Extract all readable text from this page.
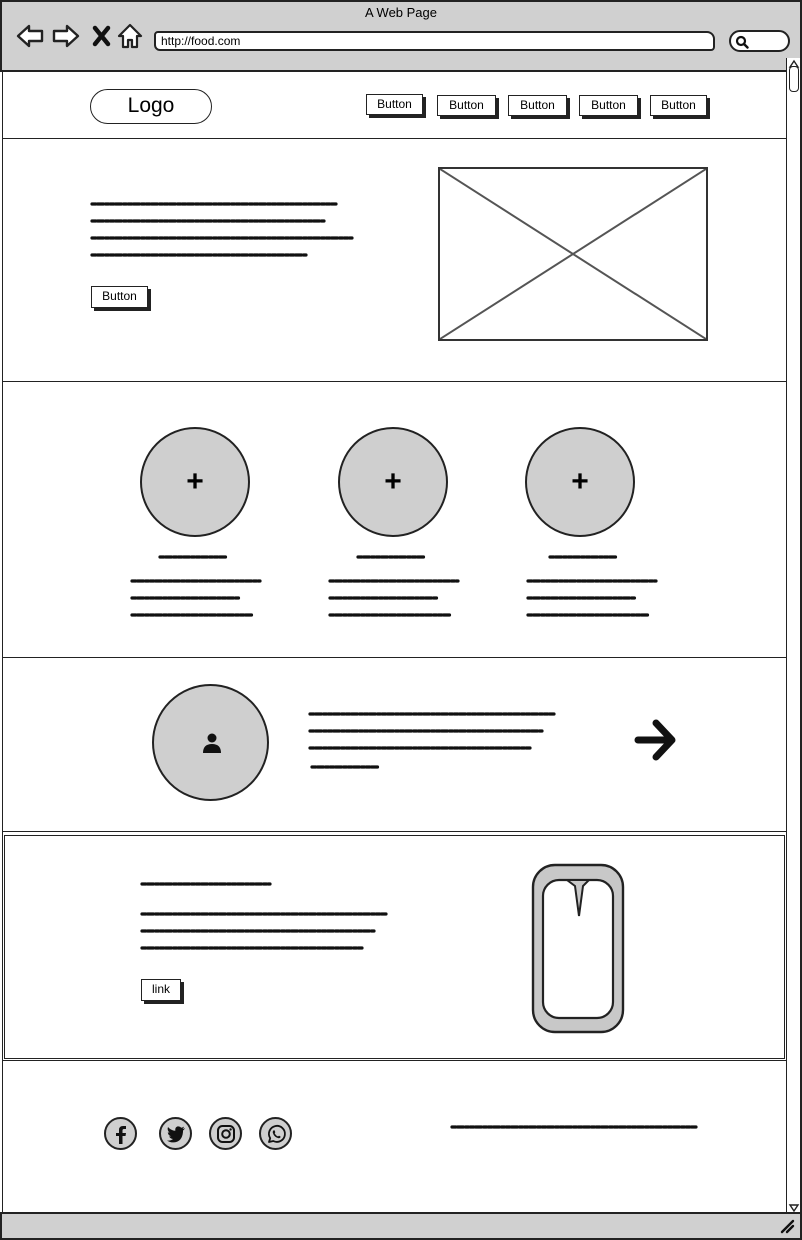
A Web Page
http://food.com
Logo	Button	Button	Button	Button	Button
Button
+	+	+
link
